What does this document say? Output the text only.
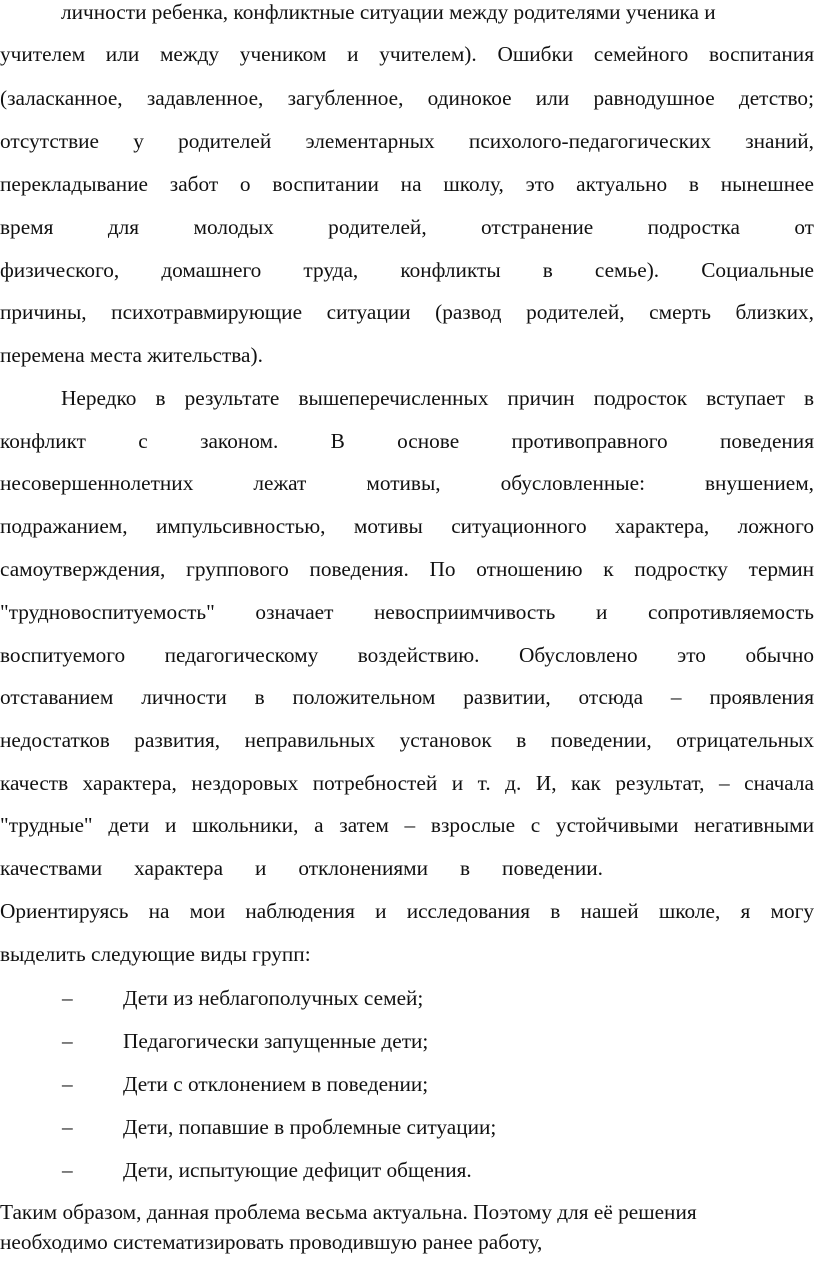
личности ребенка, конфликтные ситуации между родителями ученика и
учителем или между учеником и учителем). Ошибки семейного воспитания
(заласканное, задавленное, загубленное, одинокое или равнодушное детство;
отсутствие у родителей элементарных психолого-педагогических знаний,
перекладывание забот о воспитании на школу, это актуально в нынешнее
время для молодых родителей, отстранение подростка от
физического, домашнего труда, конфликты в семье). Социальные
причины, психотравмирующие ситуации (развод родителей, смерть близких,
перемена места жительства).
Нередко в результате вышеперечисленных причин подросток вступает в
конфликт с законом. В основе противоправного поведения
несовершеннолетних лежат мотивы, обусловленные: внушением,
подражанием, импульсивностью, мотивы ситуационного характера, ложного
самоутверждения, группового поведения. По отношению к подростку термин
"трудновоспитуемость" означает невосприимчивость и сопротивляемость
воспитуемого педагогическому воздействию. Обусловлено это обычно
отставанием личности в положительном развитии, отсюда – проявления
недостатков развития, неправильных установок в поведении, отрицательных
качеств характера, нездоровых потребностей и т. д. И, как результат, – сначала
"трудные" дети и школьники, а затем – взрослые с устойчивыми негативными
качествами характера и отклонениями в поведении.
Ориентируясь на мои наблюдения и исследования в нашей школе, я могу
выделить следующие виды групп:
– Дети из неблагополучных семей;
– Педагогически запущенные дети;
– Дети с отклонением в поведении;
– Дети, попавшие в проблемные ситуации;
– Дети, испытующие дефицит общения.
Таким образом, данная проблема весьма актуальна. Поэтому для её решения
необходимо систематизировать проводившую ранее работу,
